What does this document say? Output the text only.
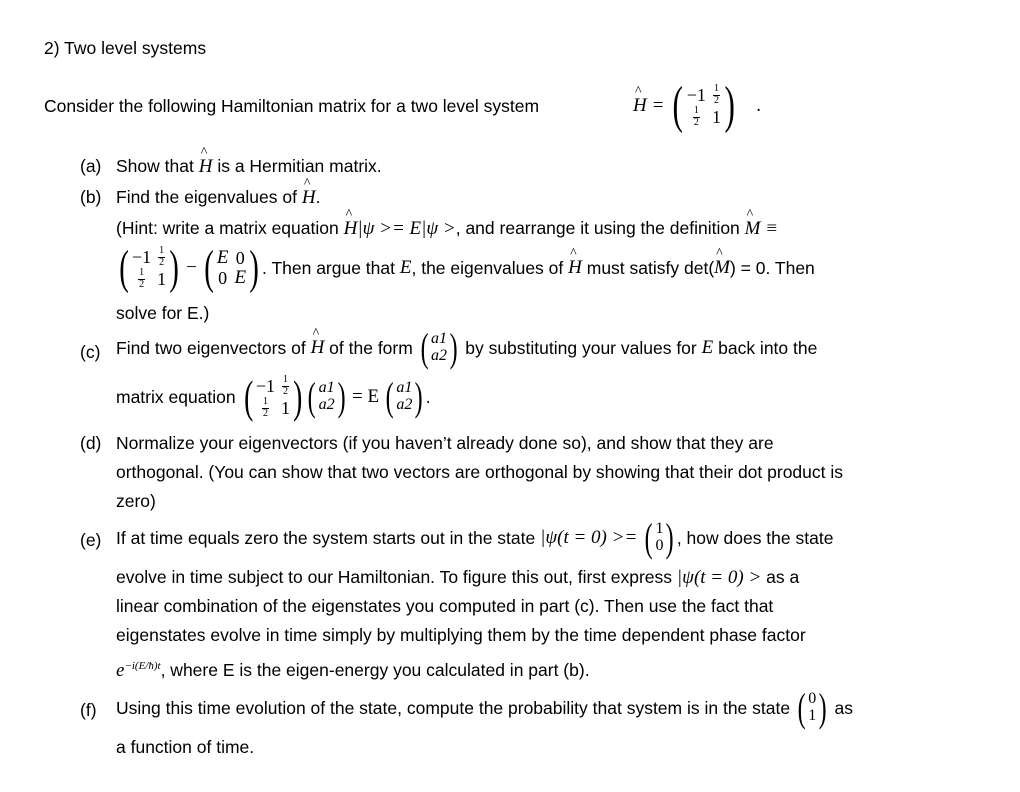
2) Two level systems
Consider the following Hamiltonian matrix for a two level system	^ H = ( −1 1
2
1
2 1 ) .
(a) Show that ^ H is a Hermitian matrix.
(b) Find the eigenvalues of ^ H.
(Hint: write a matrix equation ^ H|ψ >= E|ψ >, and rearrange it using the definition ^ M ≡
( −1 1
2
1
2 1 ) − ( E 0
0 E ) . Then argue that
E , the eigenvalues of
^ H
must satisfy det( ^ M ) = 0. Then
solve for E.)
(c) Find two eigenvectors of
^ H
of the form
( a1
a2 )
by substituting your values for
E
back into the
matrix equation
( −1 1
2
1
2 1 ) ( a1
a2 ) = E ( a1
a2 ) .
(d) Normalize your eigenvectors (if you haven’t already done so), and show that they are
orthogonal. (You can show that two vectors are orthogonal by showing that their dot product is
zero)
(e) If at time equals zero the system starts out in the state
|ψ(t = 0) >=
( 1
0 ) , how does the state
evolve in time subject to our Hamiltonian. To figure this out, first express |ψ(t = 0) > as a
linear combination of the eigenstates you computed in part (c). Then use the fact that
eigenstates evolve in time simply by multiplying them by the time dependent phase factor
$e^{-i(E/ħ)t}$, where E is the eigen-energy you calculated in part (b).
(f) Using this time evolution of the state, compute the probability that system is in the state
( 0
1 )
as
a function of time.
